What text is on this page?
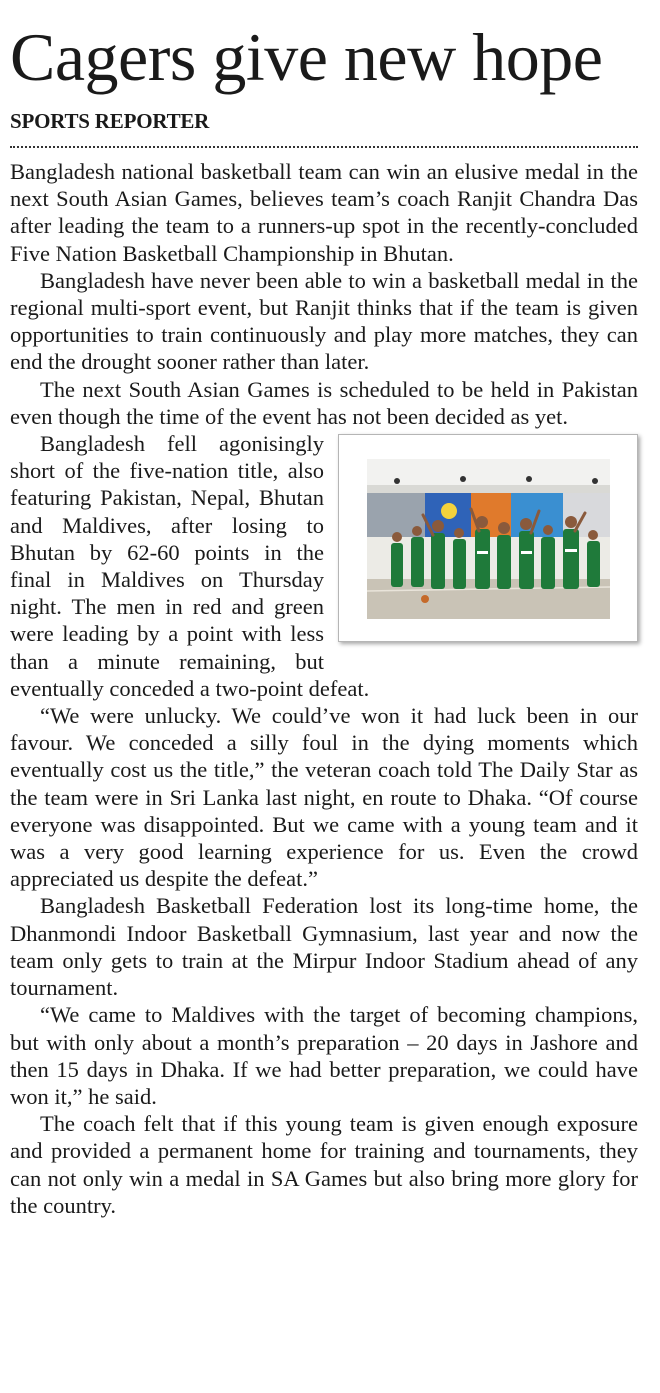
Cagers give new hope
SPORTS REPORTER

Bangladesh national basketball team can win an elusive medal in the next South Asian Games, believes team’s coach Ranjit Chandra Das after leading the team to a runners-up spot in the recently-concluded Five Nation Basketball Championship in Bhutan.

Bangladesh have never been able to win a basketball medal in the regional multi-sport event, but Ranjit thinks that if the team is given opportunities to train continuously and play more matches, they can end the drought sooner rather than later.

The next South Asian Games is scheduled to be held in Pakistan even though the time of the event has not been decided as yet.

Bangladesh fell agonisingly short of the five-nation title, also featuring Pakistan, Nepal, Bhutan and Maldives, after losing to Bhutan by 62-60 points in the final in Maldives on Thursday night. The men in red and green were leading by a point with less than a minute remaining, but eventually conceded a two-point defeat.

“We were unlucky. We could’ve won it had luck been in our favour. We conceded a silly foul in the dying moments which eventually cost us the title,” the veteran coach told The Daily Star as the team were in Sri Lanka last night, en route to Dhaka. “Of course everyone was disappointed. But we came with a young team and it was a very good learning experience for us. Even the crowd appreciated us despite the defeat.”

Bangladesh Basketball Federation lost its long-time home, the Dhanmondi Indoor Basketball Gymnasium, last year and now the team only gets to train at the Mirpur Indoor Stadium ahead of any tournament.

“We came to Maldives with the target of becoming champions, but with only about a month’s preparation – 20 days in Jashore and then 15 days in Dhaka. If we had better preparation, we could have won it,” he said.

The coach felt that if this young team is given enough exposure and provided a permanent home for training and tournaments, they can not only win a medal in SA Games but also bring more glory for the country.
